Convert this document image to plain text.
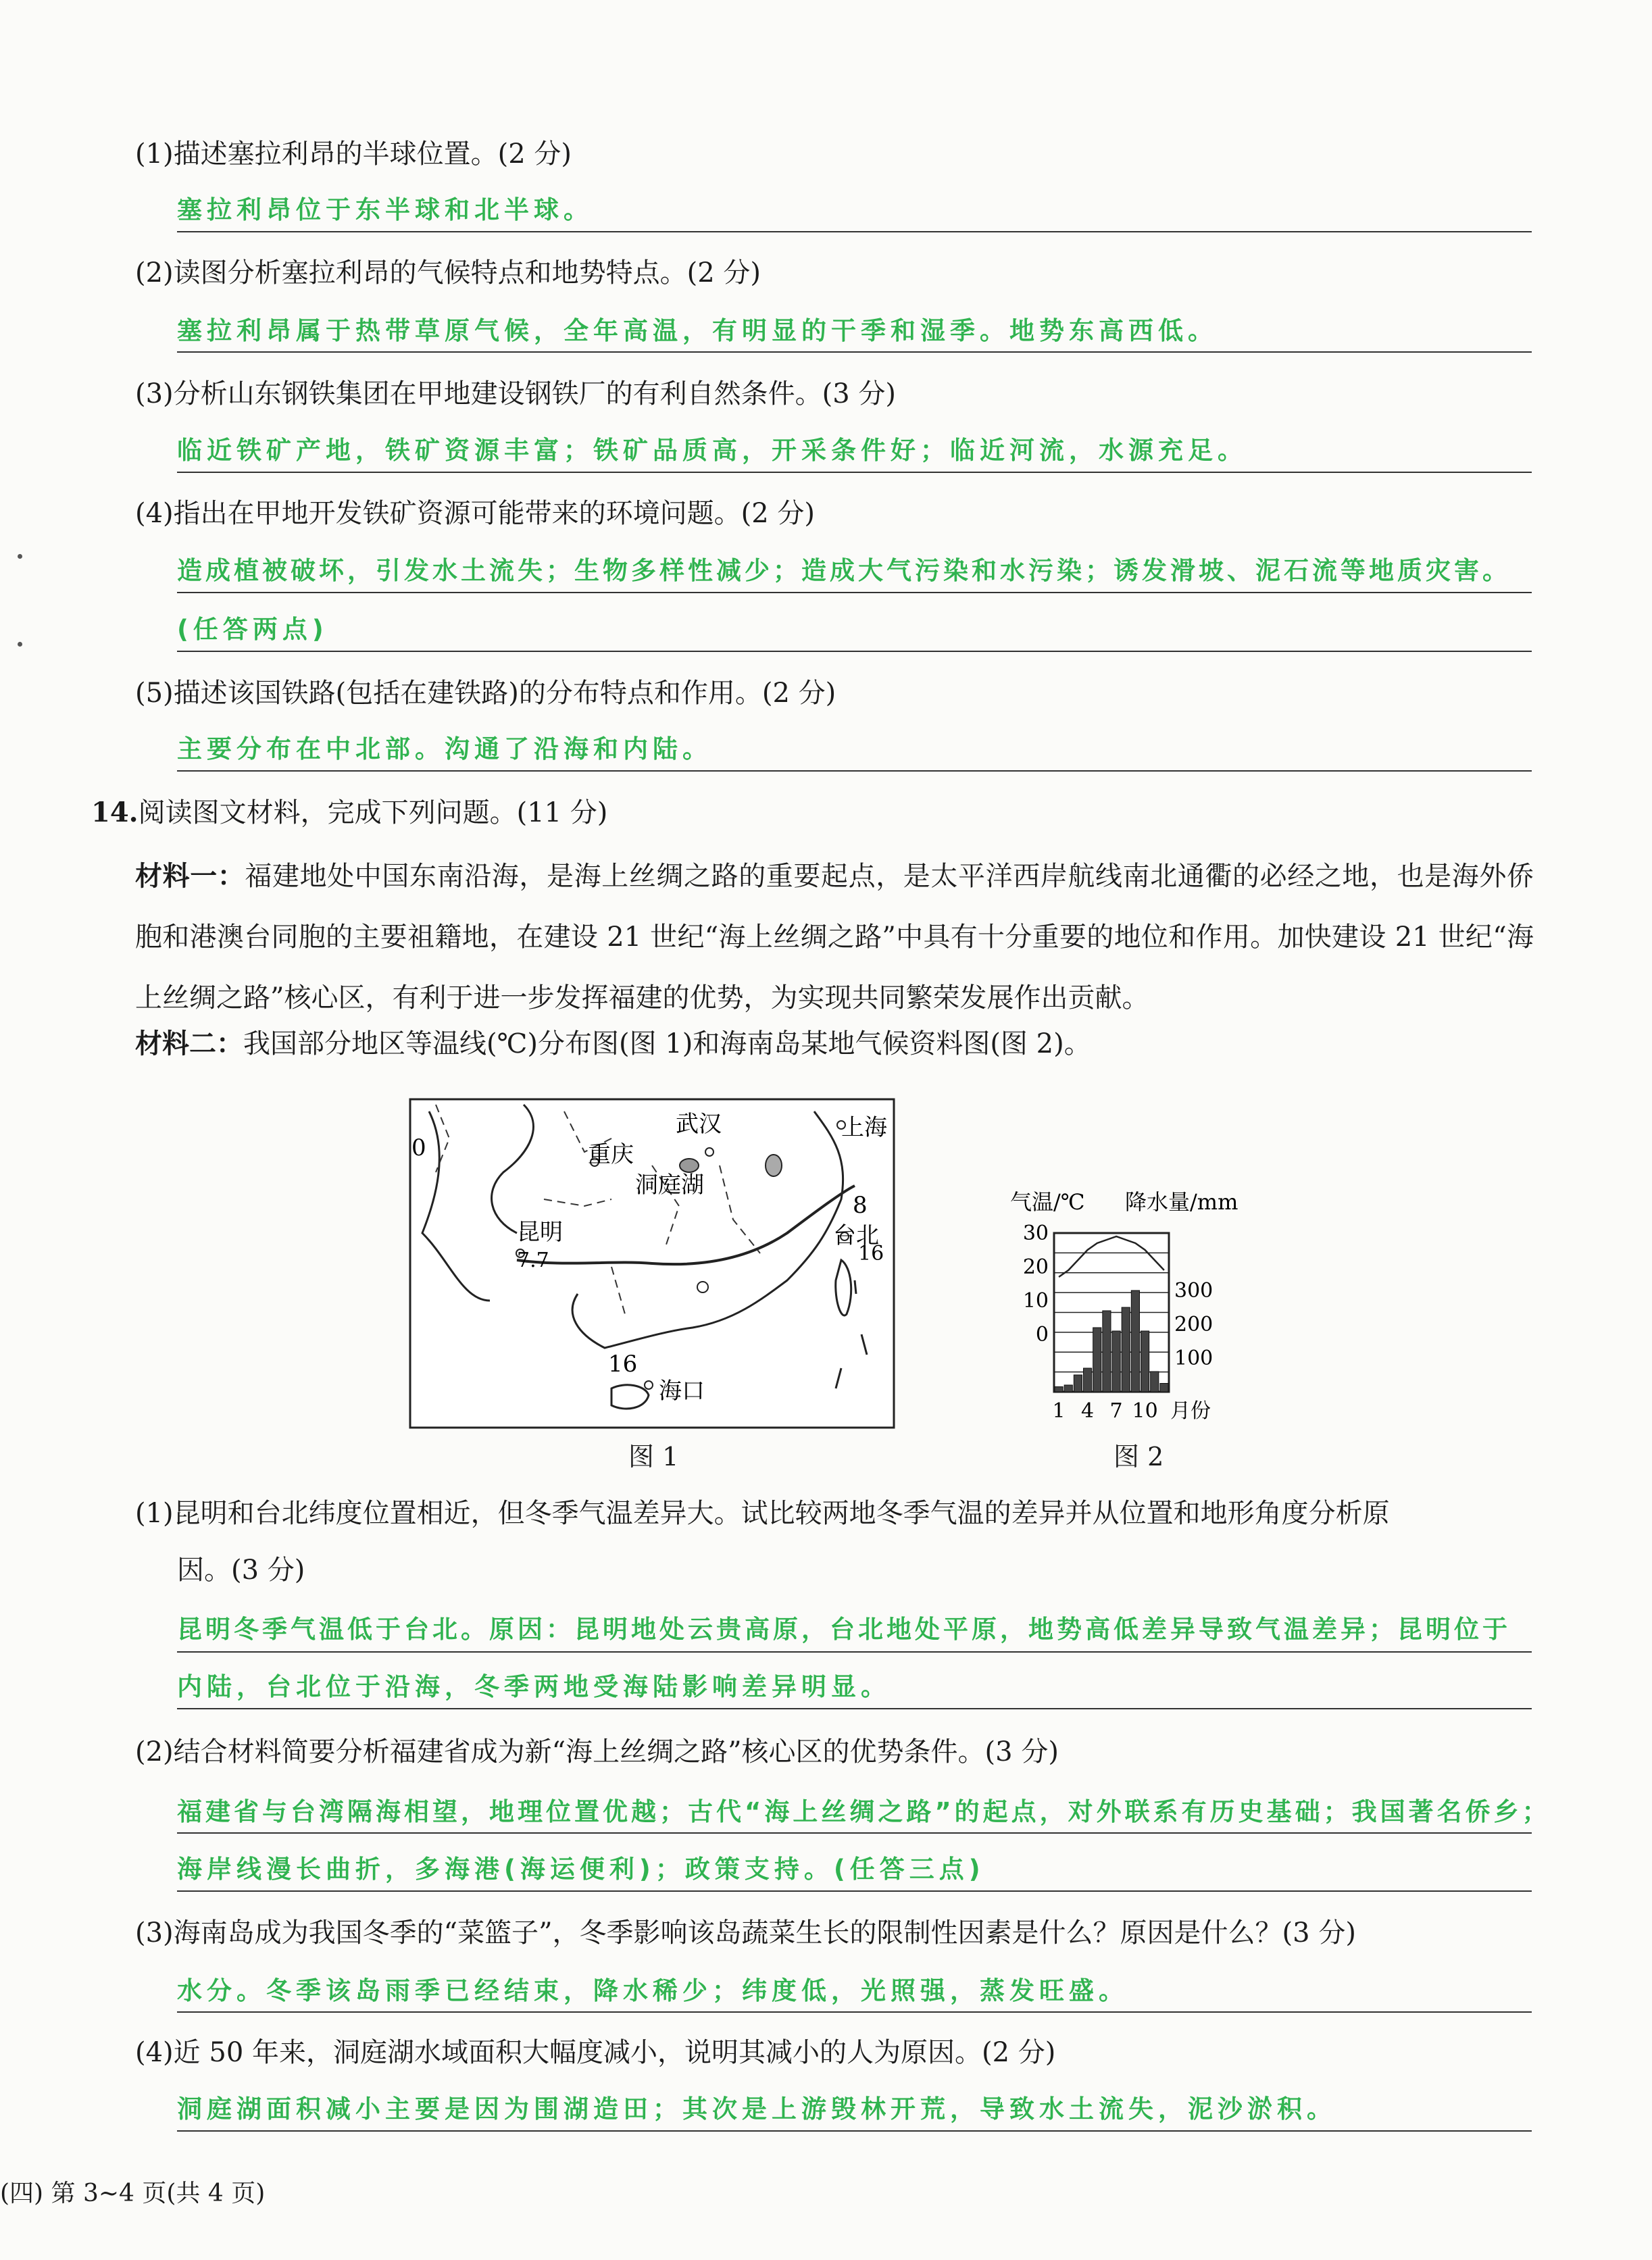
(1)描述塞拉利昂的半球位置。(2 分)
塞拉利昂位于东半球和北半球。
(2)读图分析塞拉利昂的气候特点和地势特点。(2 分)
塞拉利昂属于热带草原气候，全年高温，有明显的干季和湿季。地势东高西低。
(3)分析山东钢铁集团在甲地建设钢铁厂的有利自然条件。(3 分)
临近铁矿产地，铁矿资源丰富；铁矿品质高，开采条件好；临近河流，水源充足。
(4)指出在甲地开发铁矿资源可能带来的环境问题。(2 分)
造成植被破坏，引发水土流失；生物多样性减少；造成大气污染和水污染；诱发滑坡、泥石流等地质灾害。
(任答两点)
(5)描述该国铁路(包括在建铁路)的分布特点和作用。(2 分)
主要分布在中北部。沟通了沿海和内陆。
14.阅读图文材料，完成下列问题。(11 分)
材料一：福建地处中国东南沿海，是海上丝绸之路的重要起点，是太平洋西岸航线南北通衢的必经之地，也是海外侨胞和港澳台同胞的主要祖籍地，在建设 21 世纪“海上丝绸之路”中具有十分重要的地位和作用。加快建设 21 世纪“海上丝绸之路”核心区，有利于进一步发挥福建的优势，为实现共同繁荣发展作出贡献。
材料二：我国部分地区等温线(℃)分布图(图 1)和海南岛某地气候资料图(图 2)。
武汉	上海
重庆
洞庭湖
昆明	台北
海口
0
8
16
7.7
16
图 1
气温/℃ 降水量/mm
30
20
10
0
300
200
100
1 4 7 10 月份
图 2
(1)昆明和台北纬度位置相近，但冬季气温差异大。试比较两地冬季气温的差异并从位置和地形角度分析原
因。(3 分)
昆明冬季气温低于台北。原因：昆明地处云贵高原，台北地处平原，地势高低差异导致气温差异；昆明位于
内陆，台北位于沿海，冬季两地受海陆影响差异明显。
(2)结合材料简要分析福建省成为新“海上丝绸之路”核心区的优势条件。(3 分)
福建省与台湾隔海相望，地理位置优越；古代“海上丝绸之路”的起点，对外联系有历史基础；我国著名侨乡；
海岸线漫长曲折，多海港(海运便利)；政策支持。(任答三点)
(3)海南岛成为我国冬季的“菜篮子”，冬季影响该岛蔬菜生长的限制性因素是什么？原因是什么？(3 分)
水分。冬季该岛雨季已经结束，降水稀少；纬度低，光照强，蒸发旺盛。
(4)近 50 年来，洞庭湖水域面积大幅度减小，说明其减小的人为原因。(2 分)
洞庭湖面积减小主要是因为围湖造田；其次是上游毁林开荒，导致水土流失，泥沙淤积。
(四) 第 3~4 页(共 4 页)
